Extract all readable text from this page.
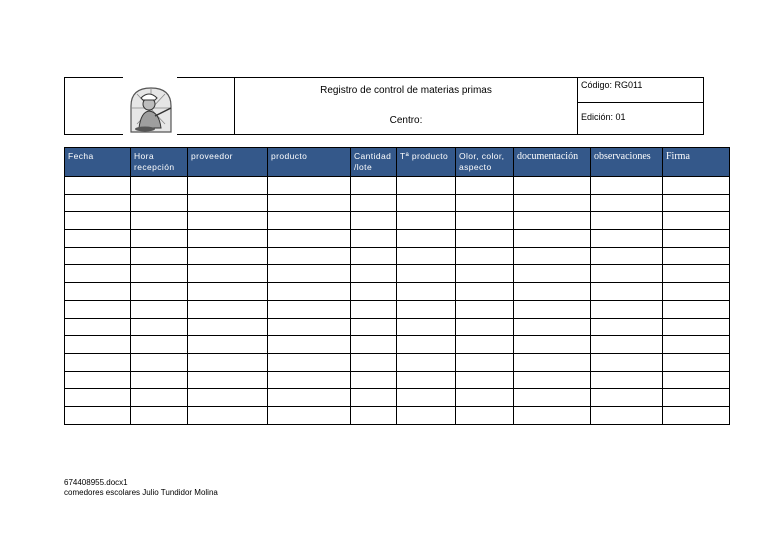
Registro de control de materias primas
Centro:
Código: RG011
Edición: 01
Fecha	Hora recepción	proveedor	producto	Cantidad /lote	Tª producto	Olor, color, aspecto	documentación	observaciones	Firma

674408955.docx1
comedores escolares Julio Tundidor Molina
